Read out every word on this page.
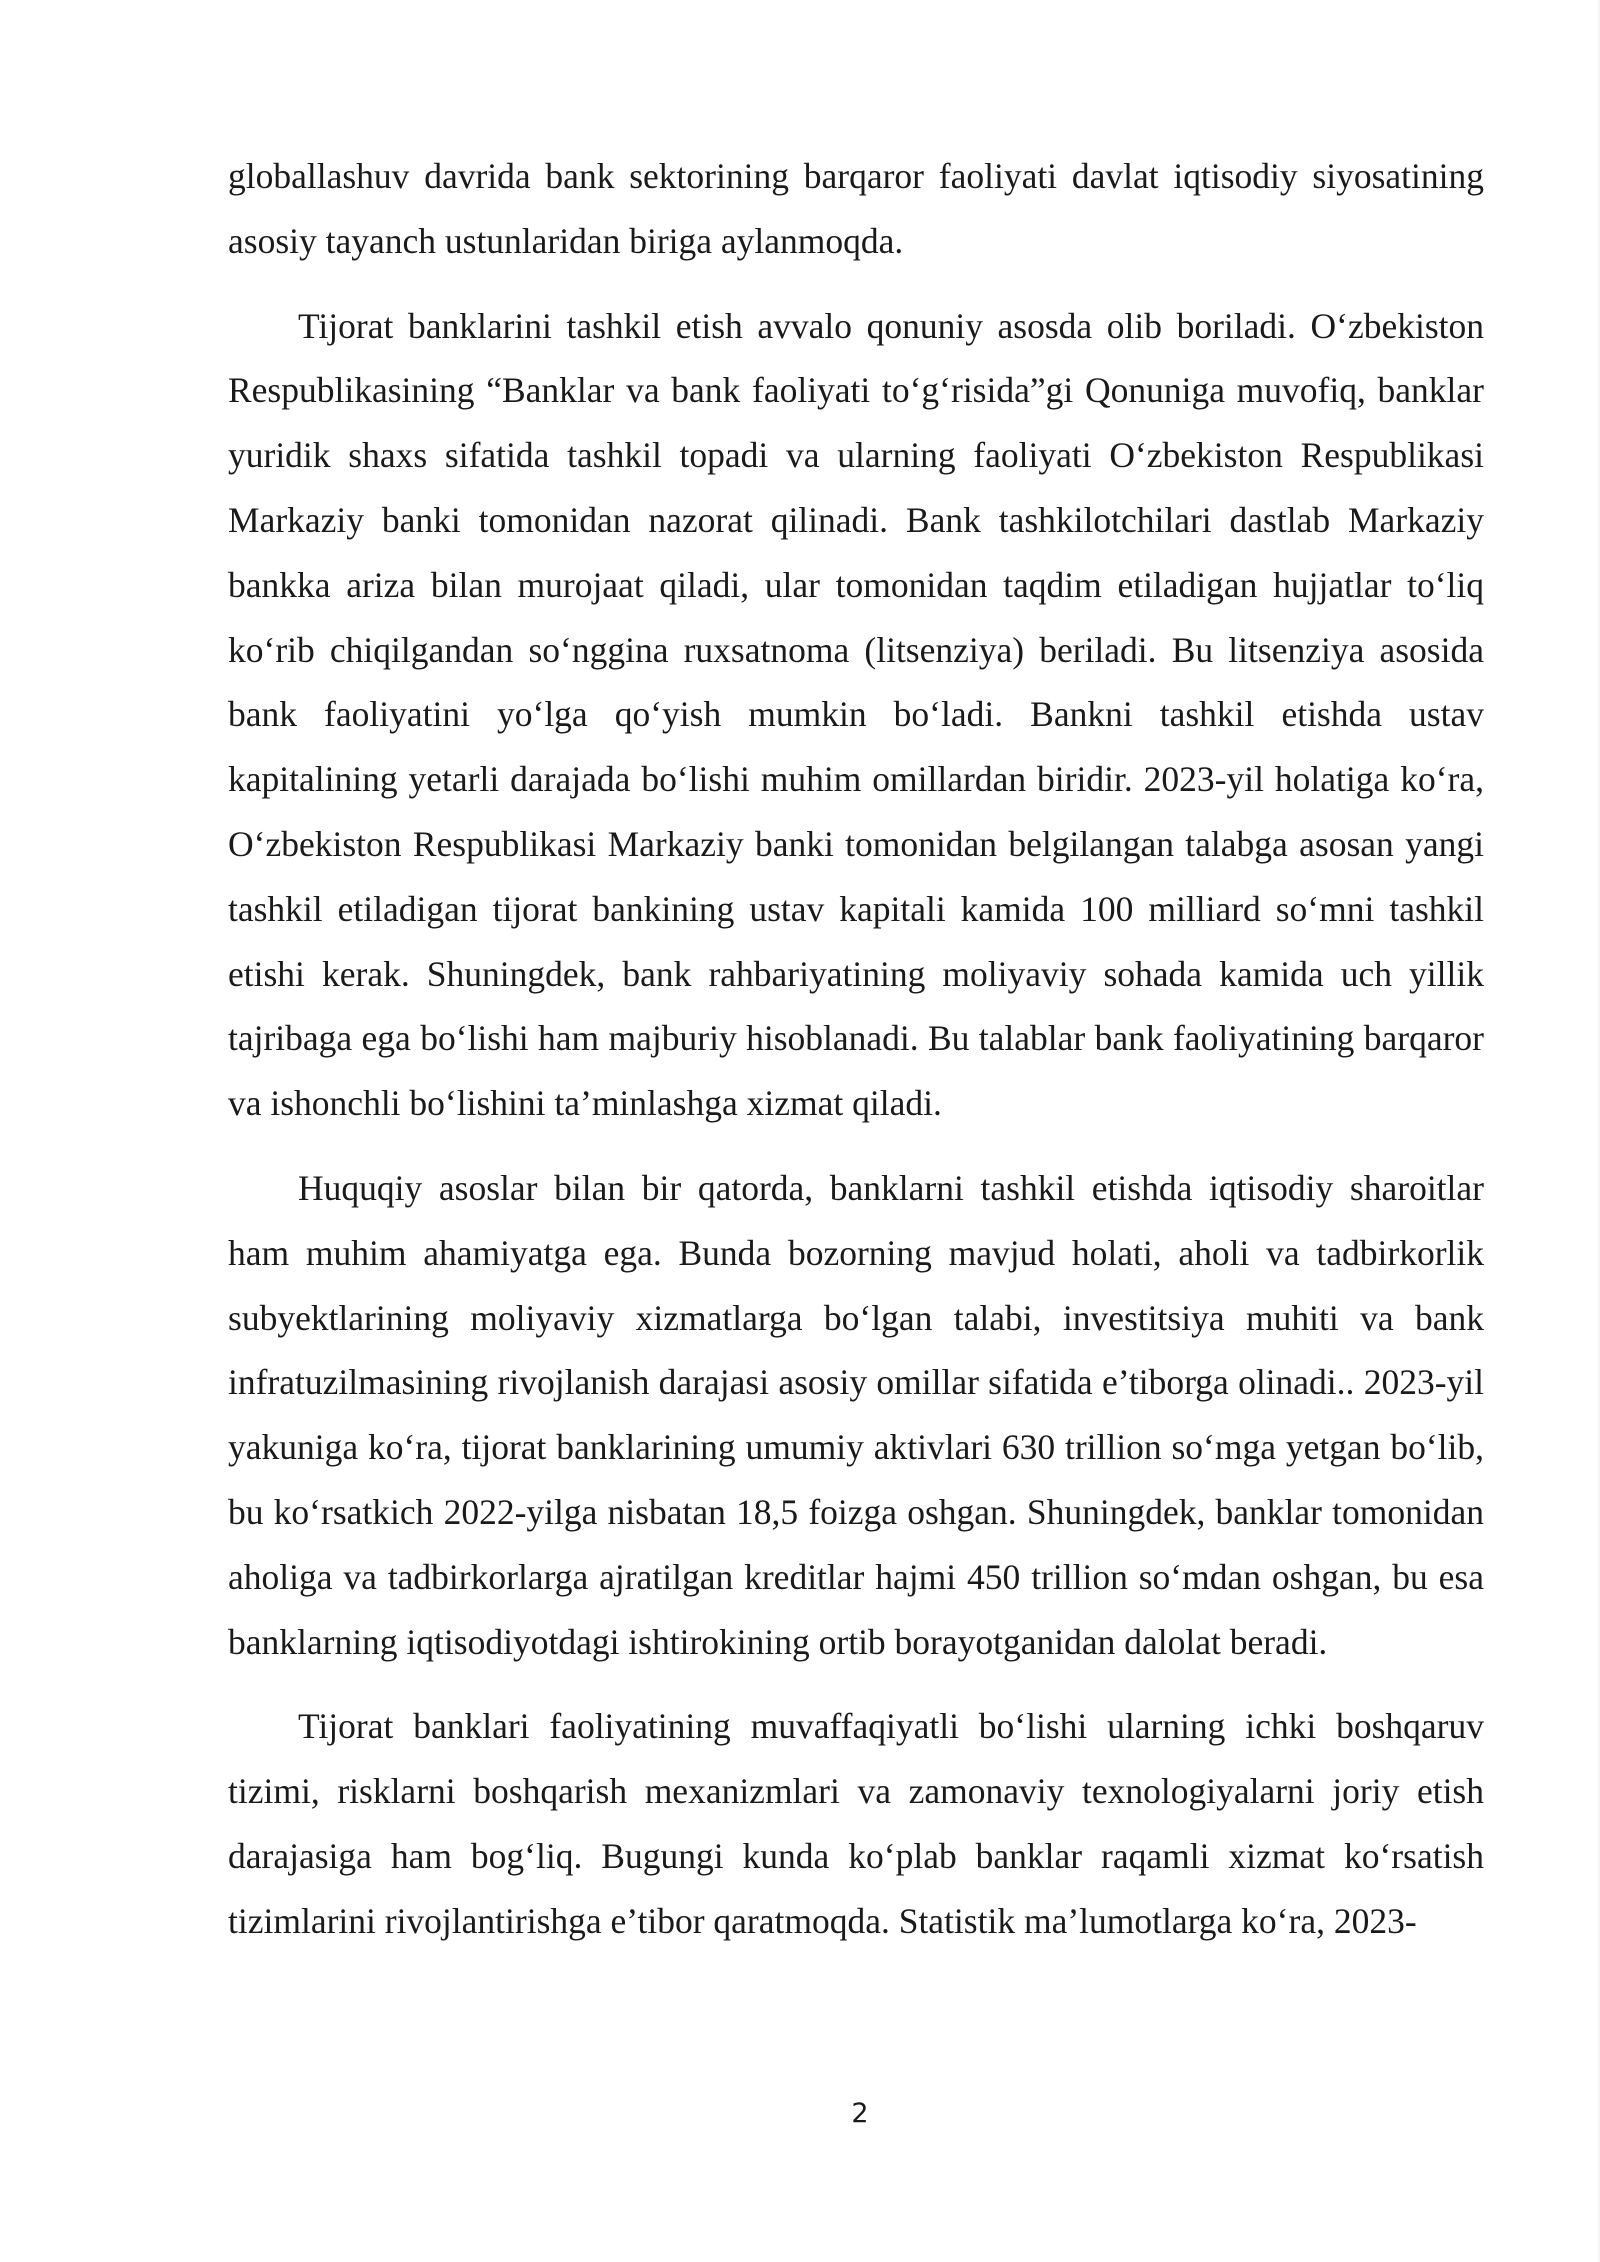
globallashuv davrida bank sektorining barqaror faoliyati davlat iqtisodiy siyosatining asosiy tayanch ustunlaridan biriga aylanmoqda.

Tijorat banklarini tashkil etish avvalo qonuniy asosda olib boriladi. O‘zbekiston Respublikasining “Banklar va bank faoliyati to‘g‘risida”gi Qonuniga muvofiq, banklar yuridik shaxs sifatida tashkil topadi va ularning faoliyati O‘zbekiston Respublikasi Markaziy banki tomonidan nazorat qilinadi. Bank tashkilotchilari dastlab Markaziy bankka ariza bilan murojaat qiladi, ular tomonidan taqdim etiladigan hujjatlar to‘liq ko‘rib chiqilgandan so‘nggina ruxsatnoma (litsenziya) beriladi. Bu litsenziya asosida bank faoliyatini yo‘lga qo‘yish mumkin bo‘ladi. Bankni tashkil etishda ustav kapitalining yetarli darajada bo‘lishi muhim omillardan biridir. 2023-yil holatiga ko‘ra, O‘zbekiston Respublikasi Markaziy banki tomonidan belgilangan talabga asosan yangi tashkil etiladigan tijorat bankining ustav kapitali kamida 100 milliard so‘mni tashkil etishi kerak. Shuningdek, bank rahbariyatining moliyaviy sohada kamida uch yillik tajribaga ega bo‘lishi ham majburiy hisoblanadi. Bu talablar bank faoliyatining barqaror va ishonchli bo‘lishini ta’minlashga xizmat qiladi.

Huquqiy asoslar bilan bir qatorda, banklarni tashkil etishda iqtisodiy sharoitlar ham muhim ahamiyatga ega. Bunda bozorning mavjud holati, aholi va tadbirkorlik subyektlarining moliyaviy xizmatlarga bo‘lgan talabi, investitsiya muhiti va bank infratuzilmasining rivojlanish darajasi asosiy omillar sifatida e’tiborga olinadi.. 2023-yil yakuniga ko‘ra, tijorat banklarining umumiy aktivlari 630 trillion so‘mga yetgan bo‘lib, bu ko‘rsatkich 2022-yilga nisbatan 18,5 foizga oshgan. Shuningdek, banklar tomonidan aholiga va tadbirkorlarga ajratilgan kreditlar hajmi 450 trillion so‘mdan oshgan, bu esa banklarning iqtisodiyotdagi ishtirokining ortib borayotganidan dalolat beradi.

Tijorat banklari faoliyatining muvaffaqiyatli bo‘lishi ularning ichki boshqaruv tizimi, risklarni boshqarish mexanizmlari va zamonaviy texnologiyalarni joriy etish darajasiga ham bog‘liq. Bugungi kunda ko‘plab banklar raqamli xizmat ko‘rsatish tizimlarini rivojlantirishga e’tibor qaratmoqda. Statistik ma’lumotlarga ko‘ra, 2023-

2
